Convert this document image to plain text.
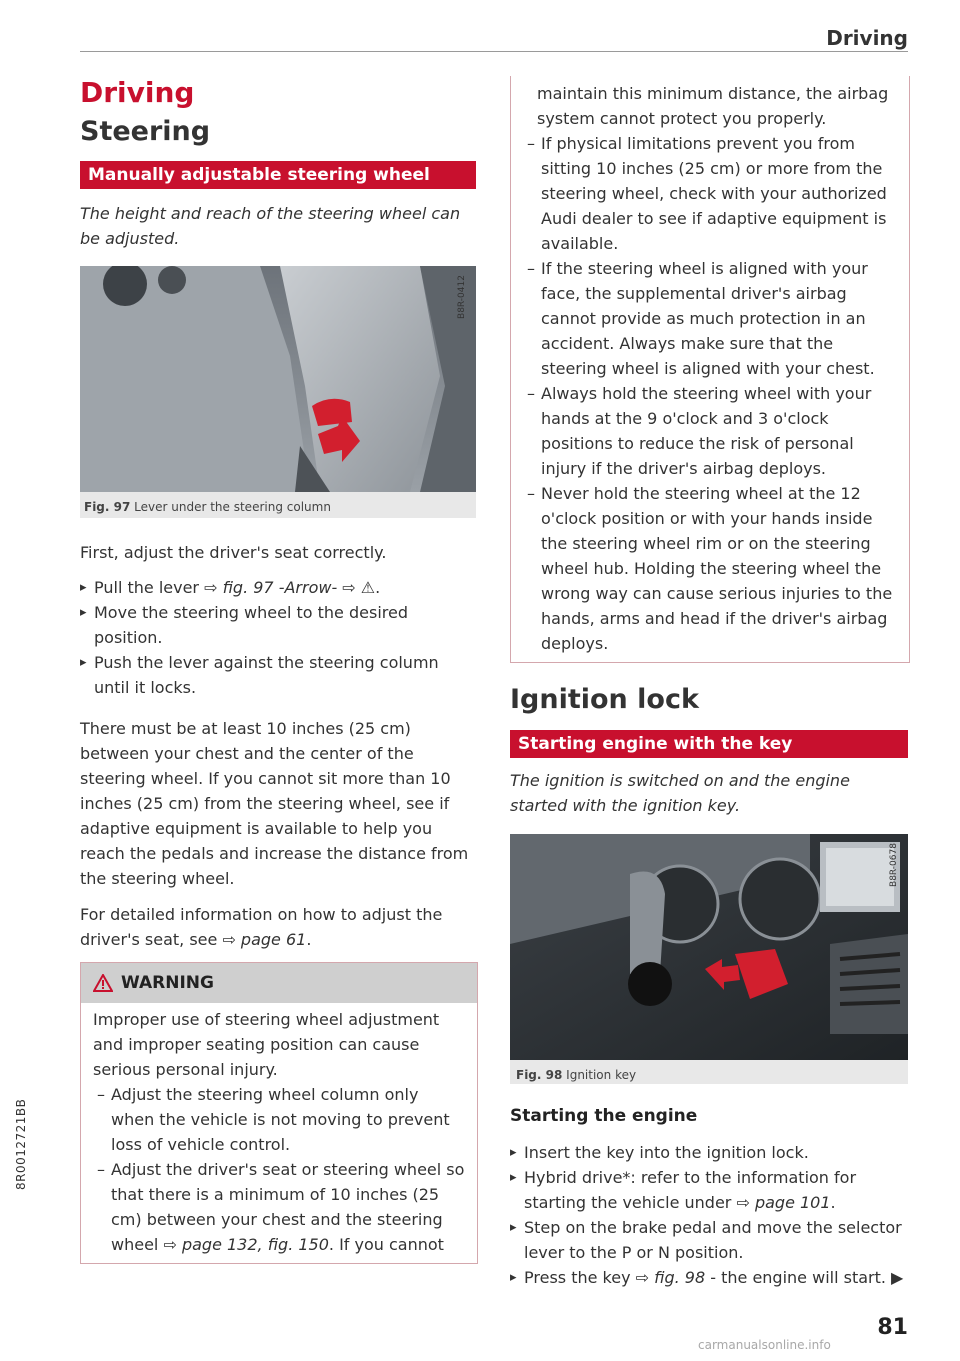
Driving
Driving
Steering
Manually adjustable steering wheel
The height and reach of the steering wheel can be adjusted.
B8R-0412
Fig. 97 Lever under the steering column

First, adjust the driver's seat correctly.

▸ Pull the lever ⇨ fig. 97 -Arrow- ⇨ ⚠.
▸ Move the steering wheel to the desired position.
▸ Push the lever against the steering column until it locks.

There must be at least 10 inches (25 cm) between your chest and the center of the steering wheel. If you cannot sit more than 10 inches (25 cm) from the steering wheel, see if adaptive equipment is available to help you reach the pedals and increase the distance from the steering wheel.

For detailed information on how to adjust the driver's seat, see ⇨ page 61.

WARNING

Improper use of steering wheel adjustment and improper seating position can cause serious personal injury.

– Adjust the steering wheel column only when the vehicle is not moving to prevent loss of vehicle control.

– Adjust the driver's seat or steering wheel so that there is a minimum of 10 inches (25 cm) between your chest and the steering wheel ⇨ page 132, fig. 150. If you cannot

maintain this minimum distance, the airbag system cannot protect you properly.

– If physical limitations prevent you from sitting 10 inches (25 cm) or more from the steering wheel, check with your authorized Audi dealer to see if adaptive equipment is available.

– If the steering wheel is aligned with your face, the supplemental driver's airbag cannot provide as much protection in an accident. Always make sure that the steering wheel is aligned with your chest.

– Always hold the steering wheel with your hands at the 9 o'clock and 3 o'clock positions to reduce the risk of personal injury if the driver's airbag deploys.

– Never hold the steering wheel at the 12 o'clock position or with your hands inside the steering wheel rim or on the steering wheel hub. Holding the steering wheel the wrong way can cause serious injuries to the hands, arms and head if the driver's airbag deploys.

Ignition lock
Starting engine with the key
The ignition is switched on and the engine started with the ignition key.
B8R-0678
Fig. 98 Ignition key
Starting the engine
▸ Insert the key into the ignition lock.
▸ Hybrid drive*: refer to the information for starting the vehicle under ⇨ page 101.
▸ Step on the brake pedal and move the selector lever to the P or N position.
▸ Press the key ⇨ fig. 98 - the engine will start. ▶
8R0012721BB
81
carmanualsonline.info
